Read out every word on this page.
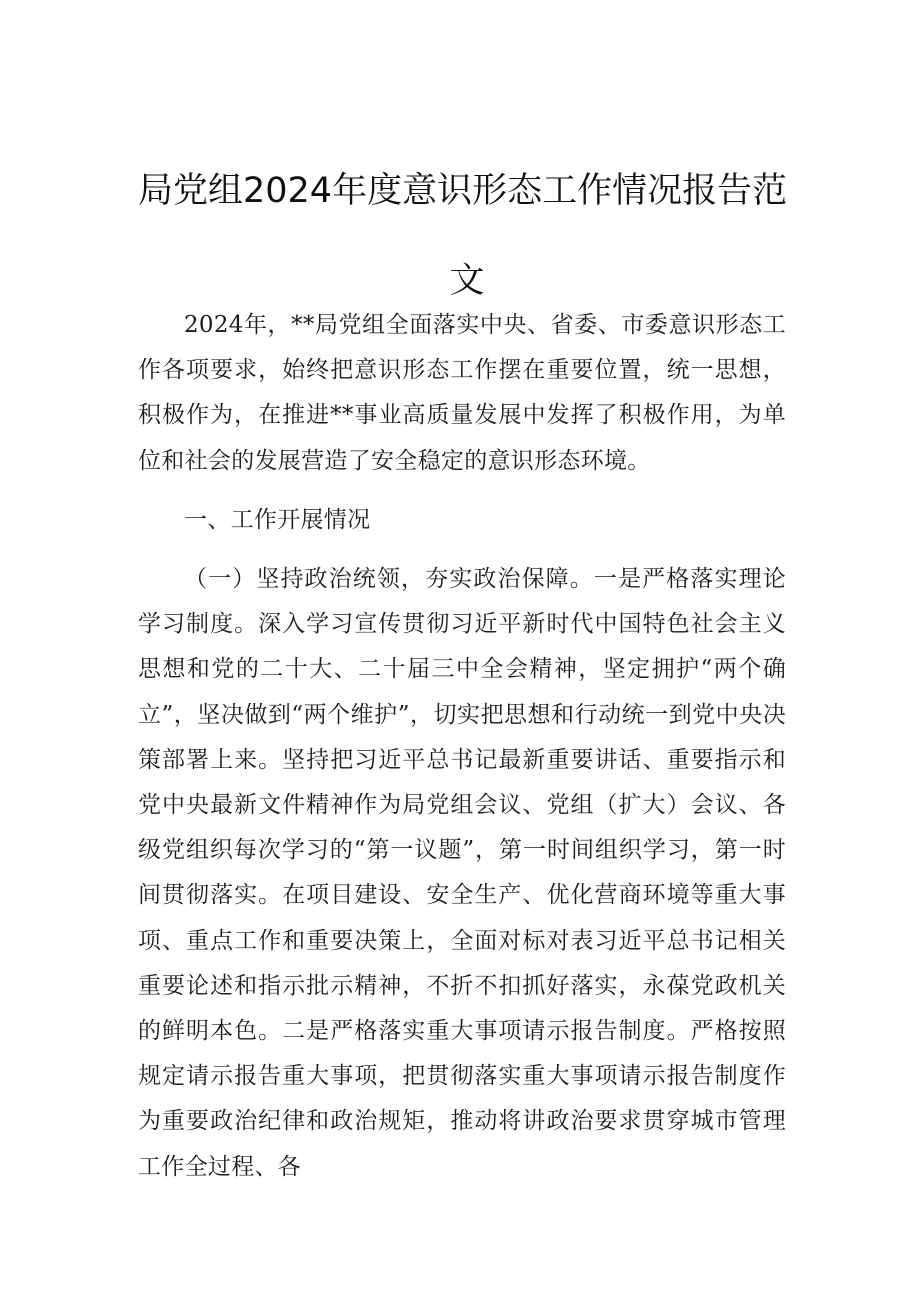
局党组2024年度意识形态工作情况报告范
文

2024年，**局党组全面落实中央、省委、市委意识形态工作各项要求，始终把意识形态工作摆在重要位置，统一思想，积极作为，在推进**事业高质量发展中发挥了积极作用，为单位和社会的发展营造了安全稳定的意识形态环境。

一、工作开展情况

（一）坚持政治统领，夯实政治保障。一是严格落实理论学习制度。深入学习宣传贯彻习近平新时代中国特色社会主义思想和党的二十大、二十届三中全会精神，坚定拥护“两个确立”，坚决做到“两个维护”，切实把思想和行动统一到党中央决策部署上来。坚持把习近平总书记最新重要讲话、重要指示和党中央最新文件精神作为局党组会议、党组（扩大）会议、各级党组织每次学习的“第一议题”，第一时间组织学习，第一时间贯彻落实。在项目建设、安全生产、优化营商环境等重大事项、重点工作和重要决策上，全面对标对表习近平总书记相关重要论述和指示批示精神，不折不扣抓好落实，永葆党政机关的鲜明本色。二是严格落实重大事项请示报告制度。严格按照规定请示报告重大事项，把贯彻落实重大事项请示报告制度作为重要政治纪律和政治规矩，推动将讲政治要求贯穿城市管理工作全过程、各
